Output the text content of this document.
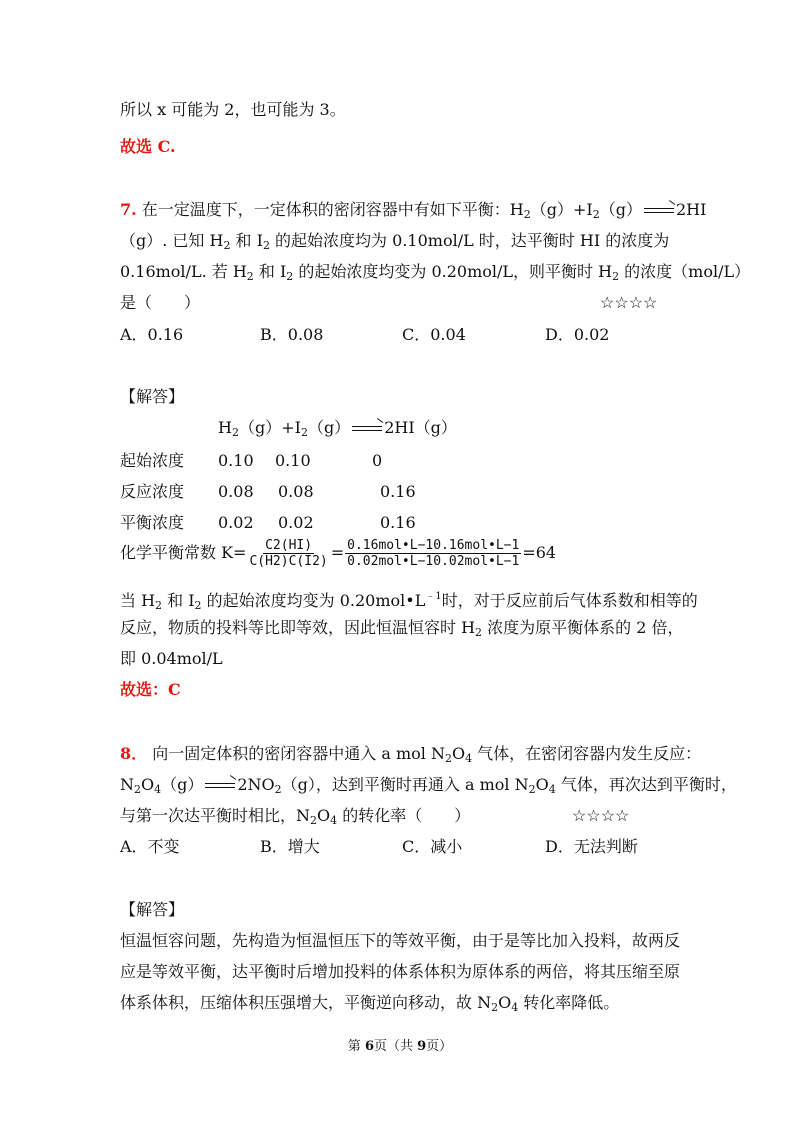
所以 x 可能为 2，也可能为 3。
故选 C.
7. 在一定温度下，一定体积的密闭容器中有如下平衡：$H_2(g)+I_2(g) \to 2HI$
（g）. 已知 $H_2$ 和 $I_2$ 的起始浓度均为 0.10mol/L 时，达平衡时 HI 的浓度为
0.16mol/L. 若 $H_2$ 和 $I_2$ 的起始浓度均变为 0.20mol/L，则平衡时 $H_2$ 的浓度（mol/L）
是（　　）	☆☆☆☆
A．0.16	B．0.08	C．0.04	D．0.02
【解答】
$H_2(g)+I_2(g) \to 2HI(g)$
起始浓度 0.10 0.10	0
反应浓度 0.08 0.08	0.16
平衡浓度 0.02 0.02	0.16
化学平衡常数 $K= \frac{C2(HI)}{C(H2)C(I2)} = \frac{\text{0.16mol•L−10.16mol•L−1}}{\text{0.02mol•L−10.02mol•L−1}} =64$
当 $H_2$ 和 $I_2$ 的起始浓度均变为 $0.20mol•L^{﹣1}$时，对于反应前后气体系数和相等的
反应，物质的投料等比即等效，因此恒温恒容时 $H_2$ 浓度为原平衡体系的 2 倍，
即 0.04mol/L
故选：C
8． 向一固定体积的密闭容器中通入 a mol $N_2O_4$ 气体，在密闭容器内发生反应：
$N_2O_4(g) \to 2NO_2(g)$，达到平衡时再通入 a mol $N_2O_4$ 气体，再次达到平衡时，
与第一次达平衡时相比，$N_2O_4$ 的转化率（　　）	☆☆☆☆
A．不变	B．增大	C．减小	D．无法判断
【解答】
恒温恒容问题，先构造为恒温恒压下的等效平衡，由于是等比加入投料，故两反
应是等效平衡，达平衡时后增加投料的体系体积为原体系的两倍，将其压缩至原
体系体积，压缩体积压强增大，平衡逆向移动，故 $N_2O_4$ 转化率降低。
第 6页（共 9页）
